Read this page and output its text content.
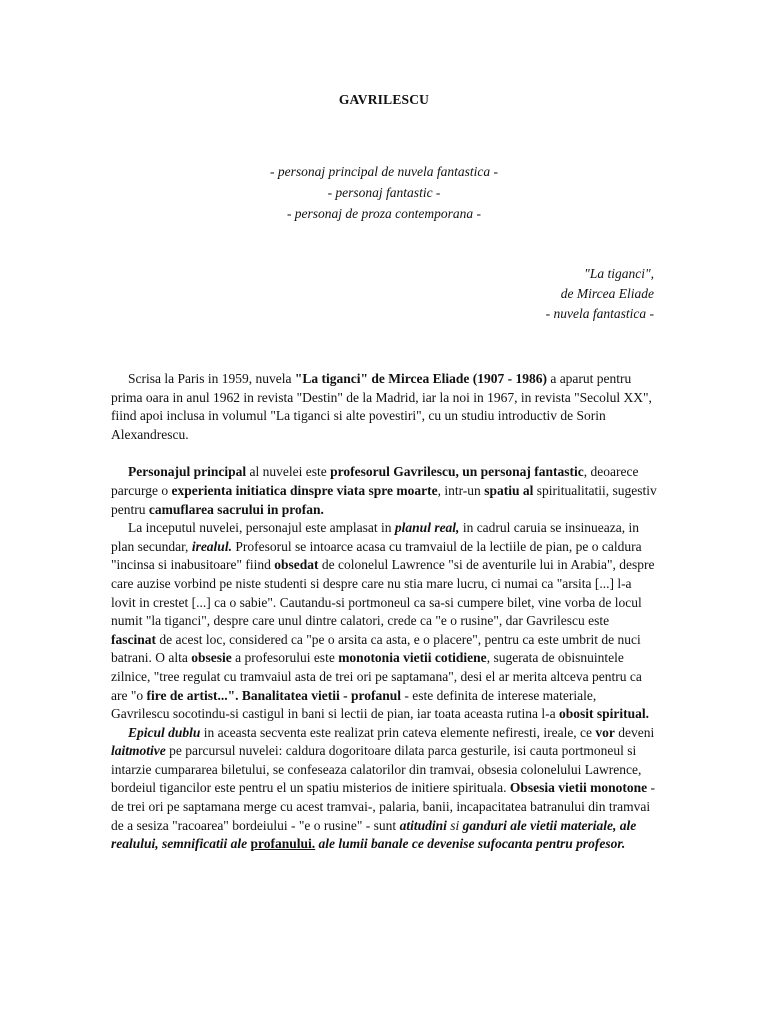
GAVRILESCU
- personaj principal de nuvela fantastica -
- personaj fantastic -
- personaj de proza contemporana -
"La tiganci",
de Mircea Eliade
- nuvela fantastica -

Scrisa la Paris in 1959, nuvela "La tiganci" de Mircea Eliade (1907 - 1986) a aparut pentru prima oara in anul 1962 in revista "Destin" de la Madrid, iar la noi in 1967, in revista "Secolul XX", fiind apoi inclusa in volumul "La tiganci si alte povestiri", cu un studiu introductiv de Sorin Alexandrescu.

Personajul principal al nuvelei este profesorul Gavrilescu, un personaj fantastic, deoarece parcurge o experienta initiatica dinspre viata spre moarte, intr-un spatiu al spiritualitatii, sugestiv pentru camuflarea sacrului in profan.

La inceputul nuvelei, personajul este amplasat in planul real, in cadrul caruia se insinueaza, in plan secundar, irealul. Profesorul se intoarce acasa cu tramvaiul de la lectiile de pian, pe o caldura "incinsa si inabusitoare" fiind obsedat de colonelul Lawrence "si de aventurile lui in Arabia", despre care auzise vorbind pe niste studenti si despre care nu stia mare lucru, ci numai ca "arsita [...] l-a lovit in crestet [...] ca o sabie". Cautandu-si portmoneul ca sa-si cumpere bilet, vine vorba de locul numit "la tiganci", despre care unul dintre calatori, crede ca "e o rusine", dar Gavrilescu este fascinat de acest loc, considered ca "pe o arsita ca asta, e o placere", pentru ca este umbrit de nuci batrani. O alta obsesie a profesorului este monotonia vietii cotidiene, sugerata de obisnuintele zilnice, "tree regulat cu tramvaiul asta de trei ori pe saptamana", desi el ar merita altceva pentru ca are "o fire de artist...". Banalitatea vietii - profanul - este definita de interese materiale, Gavrilescu socotindu-si castigul in bani si lectii de pian, iar toata aceasta rutina l-a obosit spiritual.

Epicul dublu in aceasta secventa este realizat prin cateva elemente nefiresti, ireale, ce vor deveni laitmotive pe parcursul nuvelei: caldura dogoritoare dilata parca gesturile, isi cauta portmoneul si intarzie cumpararea biletului, se confeseaza calatorilor din tramvai, obsesia colonelului Lawrence, bordeiul tigancilor este pentru el un spatiu misterios de initiere spirituala. Obsesia vietii monotone -de trei ori pe saptamana merge cu acest tramvai-, palaria, banii, incapacitatea batranului din tramvai de a sesiza "racoarea" bordeiului - "e o rusine" - sunt atitudini si ganduri ale vietii materiale, ale realului, semnificatii ale profanului. ale lumii banale ce devenise sufocanta pentru profesor.
